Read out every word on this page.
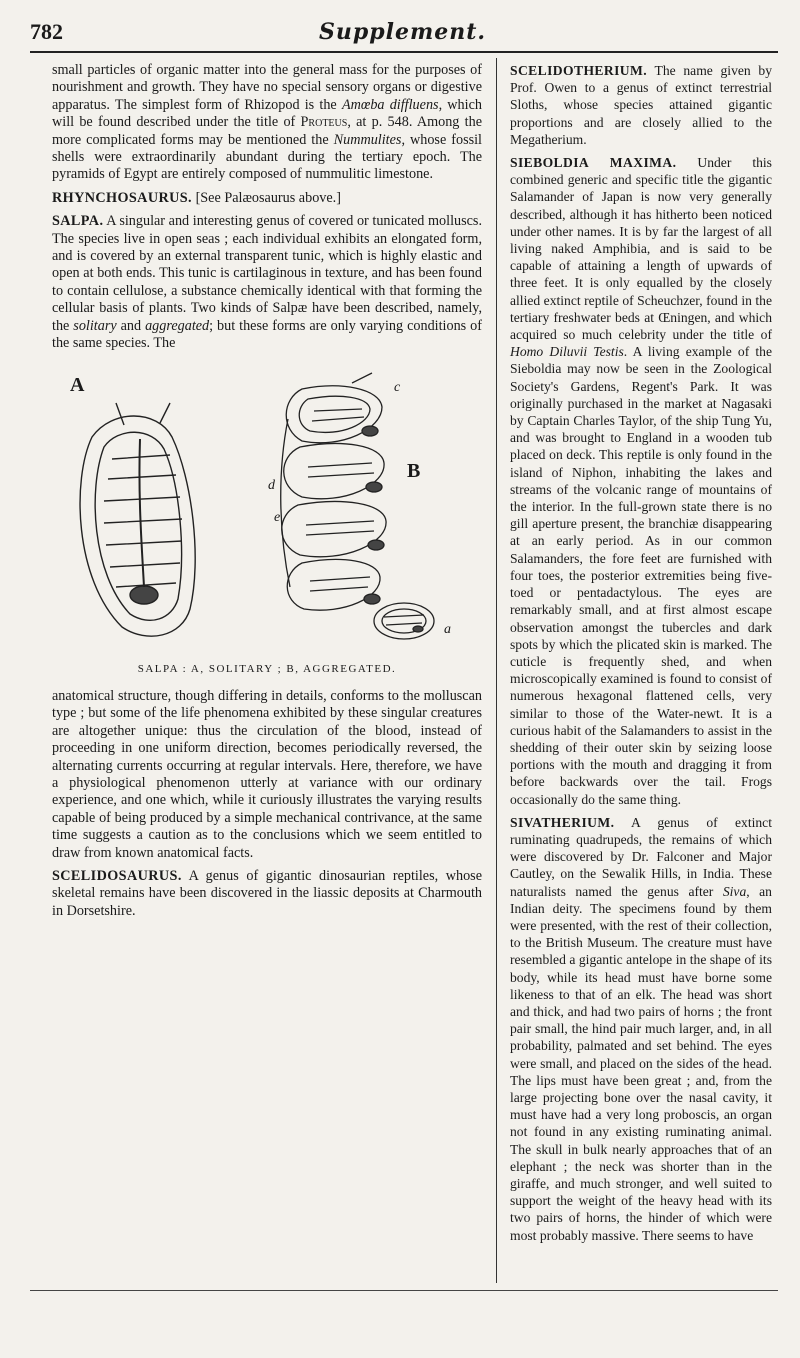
782	Supplement.

small particles of organic matter into the general mass for the purposes of nourishment and growth. They have no special sensory organs or digestive apparatus. The simplest form of Rhizopod is the Amœba diffluens, which will be found described under the title of Proteus, at p. 548. Among the more complicated forms may be mentioned the Nummulites, whose fossil shells were extraordinarily abundant during the tertiary epoch. The pyramids of Egypt are entirely composed of nummulitic limestone.

RHYNCHOSAURUS. [See Palæosaurus above.]

SALPA. A singular and interesting genus of covered or tunicated molluscs. The species live in open seas ; each individual exhibits an elongated form, and is covered by an external transparent tunic, which is highly elastic and open at both ends. This tunic is cartilaginous in texture, and has been found to contain cellulose, a substance chemically identical with that forming the cellular basis of plants. Two kinds of Salpæ have been described, namely, the solitary and aggregated; but these forms are only varying conditions of the same species. The

A
B
c
d
e
a
SALPA : A, SOLITARY ; B, AGGREGATED.

anatomical structure, though differing in details, conforms to the molluscan type ; but some of the life phenomena exhibited by these singular creatures are altogether unique: thus the circulation of the blood, instead of proceeding in one uniform direction, becomes periodically reversed, the alternating currents occurring at regular intervals. Here, therefore, we have a physiological phenomenon utterly at variance with our ordinary experience, and one which, while it curiously illustrates the varying results capable of being produced by a simple mechanical contrivance, at the same time suggests a caution as to the conclusions which we seem entitled to draw from known anatomical facts.

SCELIDOSAURUS. A genus of gigantic dinosaurian reptiles, whose skeletal remains have been discovered in the liassic deposits at Charmouth in Dorsetshire.

SCELIDOTHERIUM. The name given by Prof. Owen to a genus of extinct terrestrial Sloths, whose species attained gigantic proportions and are closely allied to the Megatherium.

SIEBOLDIA MAXIMA. Under this combined generic and specific title the gigantic Salamander of Japan is now very generally described, although it has hitherto been noticed under other names. It is by far the largest of all living naked Amphibia, and is said to be capable of attaining a length of upwards of three feet. It is only equalled by the closely allied extinct reptile of Scheuchzer, found in the tertiary freshwater beds at Œningen, and which acquired so much celebrity under the title of Homo Diluvii Testis. A living example of the Sieboldia may now be seen in the Zoological Society's Gardens, Regent's Park. It was originally purchased in the market at Nagasaki by Captain Charles Taylor, of the ship Tung Yu, and was brought to England in a wooden tub placed on deck. This reptile is only found in the island of Niphon, inhabiting the lakes and streams of the volcanic range of mountains of the interior. In the full-grown state there is no gill aperture present, the branchiæ disappearing at an early period. As in our common Salamanders, the fore feet are furnished with four toes, the posterior extremities being five-toed or pentadactylous. The eyes are remarkably small, and at first almost escape observation amongst the tubercles and dark spots by which the plicated skin is marked. The cuticle is frequently shed, and when microscopically examined is found to consist of numerous hexagonal flattened cells, very similar to those of the Water-newt. It is a curious habit of the Salamanders to assist in the shedding of their outer skin by seizing loose portions with the mouth and dragging it from before backwards over the tail. Frogs occasionally do the same thing.

SIVATHERIUM. A genus of extinct ruminating quadrupeds, the remains of which were discovered by Dr. Falconer and Major Cautley, on the Sewalik Hills, in India. These naturalists named the genus after Siva, an Indian deity. The specimens found by them were presented, with the rest of their collection, to the British Museum. The creature must have resembled a gigantic antelope in the shape of its body, while its head must have borne some likeness to that of an elk. The head was short and thick, and had two pairs of horns ; the front pair small, the hind pair much larger, and, in all probability, palmated and set behind. The eyes were small, and placed on the sides of the head. The lips must have been great ; and, from the large projecting bone over the nasal cavity, it must have had a very long proboscis, an organ not found in any existing ruminating animal. The skull in bulk nearly approaches that of an elephant ; the neck was shorter than in the giraffe, and much stronger, and well suited to support the weight of the heavy head with its two pairs of horns, the hinder of which were most probably massive. There seems to have
